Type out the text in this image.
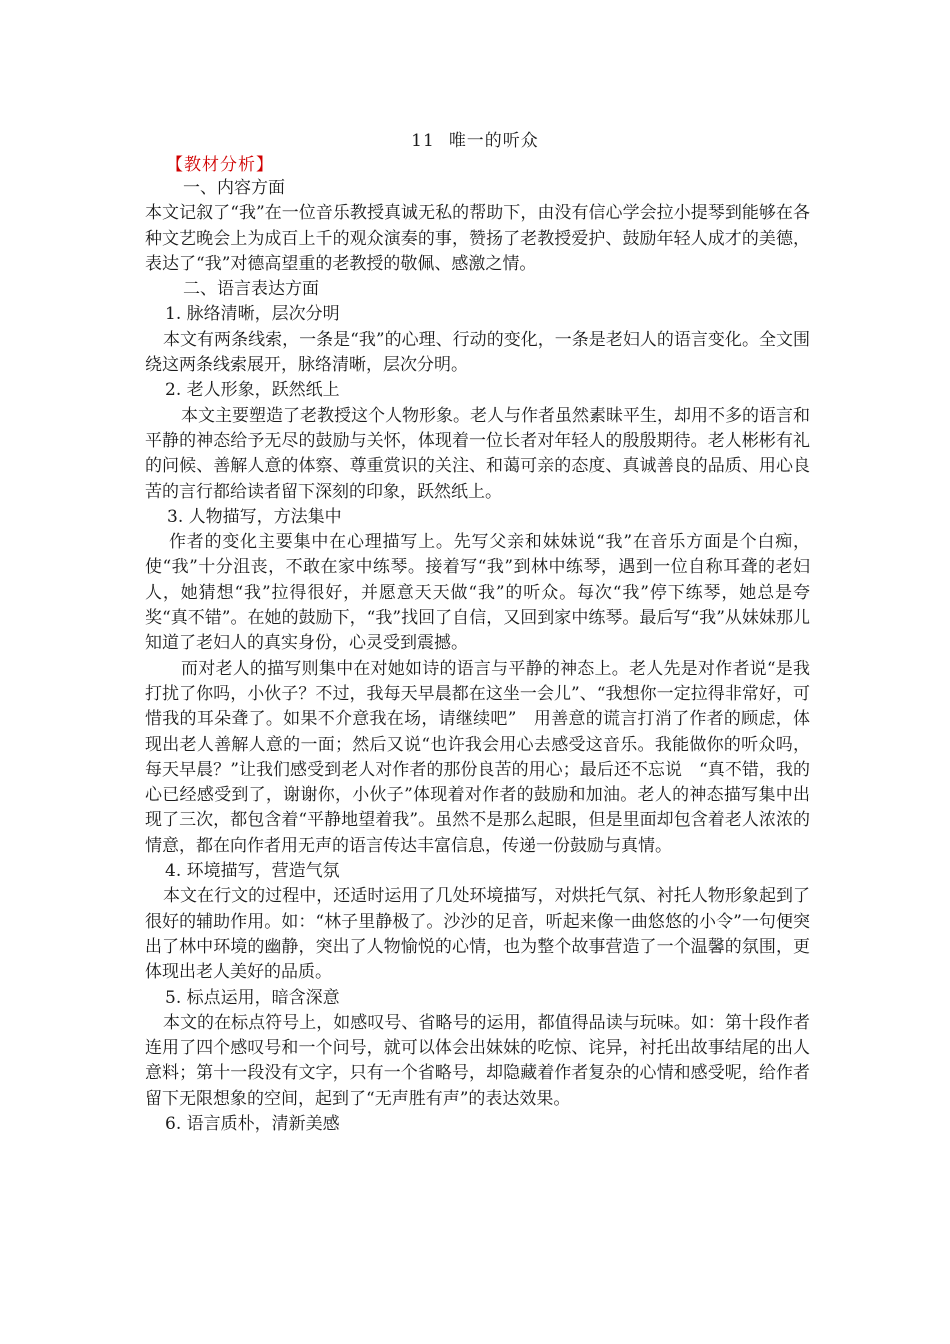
11 唯一的听众
【教材分析】

一、内容方面

本文记叙了“我”在一位音乐教授真诚无私的帮助下，由没有信心学会拉小提琴到能够在各种文艺晚会上为成百上千的观众演奏的事，赞扬了老教授爱护、鼓励年轻人成才的美德，表达了“我”对德高望重的老教授的敬佩、感激之情。

二、语言表达方面

1. 脉络清晰，层次分明

本文有两条线索，一条是“我”的心理、行动的变化，一条是老妇人的语言变化。全文围绕这两条线索展开，脉络清晰，层次分明。

2. 老人形象，跃然纸上

本文主要塑造了老教授这个人物形象。老人与作者虽然素昧平生，却用不多的语言和平静的神态给予无尽的鼓励与关怀，体现着一位长者对年轻人的殷殷期待。老人彬彬有礼的问候、善解人意的体察、尊重赏识的关注、和蔼可亲的态度、真诚善良的品质、用心良苦的言行都给读者留下深刻的印象，跃然纸上。

3. 人物描写，方法集中

作者的变化主要集中在心理描写上。先写父亲和妹妹说“我”在音乐方面是个白痴，使“我”十分沮丧，不敢在家中练琴。接着写“我”到林中练琴，遇到一位自称耳聋的老妇人，她猜想“我”拉得很好，并愿意天天做“我”的听众。每次“我”停下练琴，她总是夸奖“真不错”。在她的鼓励下，“我”找回了自信，又回到家中练琴。最后写“我”从妹妹那儿知道了老妇人的真实身份，心灵受到震撼。

而对老人的描写则集中在对她如诗的语言与平静的神态上。老人先是对作者说“是我打扰了你吗，小伙子？不过，我每天早晨都在这坐一会儿”、“我想你一定拉得非常好，可惜我的耳朵聋了。如果不介意我在场，请继续吧”　用善意的谎言打消了作者的顾虑，体现出老人善解人意的一面；然后又说“也许我会用心去感受这音乐。我能做你的听众吗，每天早晨？”让我们感受到老人对作者的那份良苦的用心；最后还不忘说　“真不错，我的心已经感受到了，谢谢你，小伙子”体现着对作者的鼓励和加油。老人的神态描写集中出现了三次，都包含着“平静地望着我”。虽然不是那么起眼，但是里面却包含着老人浓浓的情意，都在向作者用无声的语言传达丰富信息，传递一份鼓励与真情。

4. 环境描写，营造气氛

本文在行文的过程中，还适时运用了几处环境描写，对烘托气氛、衬托人物形象起到了很好的辅助作用。如：“林子里静极了。沙沙的足音，听起来像一曲悠悠的小令”一句便突出了林中环境的幽静，突出了人物愉悦的心情，也为整个故事营造了一个温馨的氛围，更体现出老人美好的品质。

5. 标点运用，暗含深意

本文的在标点符号上，如感叹号、省略号的运用，都值得品读与玩味。如：第十段作者连用了四个感叹号和一个问号，就可以体会出妹妹的吃惊、诧异，衬托出故事结尾的出人意料；第十一段没有文字，只有一个省略号，却隐藏着作者复杂的心情和感受呢，给作者留下无限想象的空间，起到了“无声胜有声”的表达效果。

6. 语言质朴，清新美感
